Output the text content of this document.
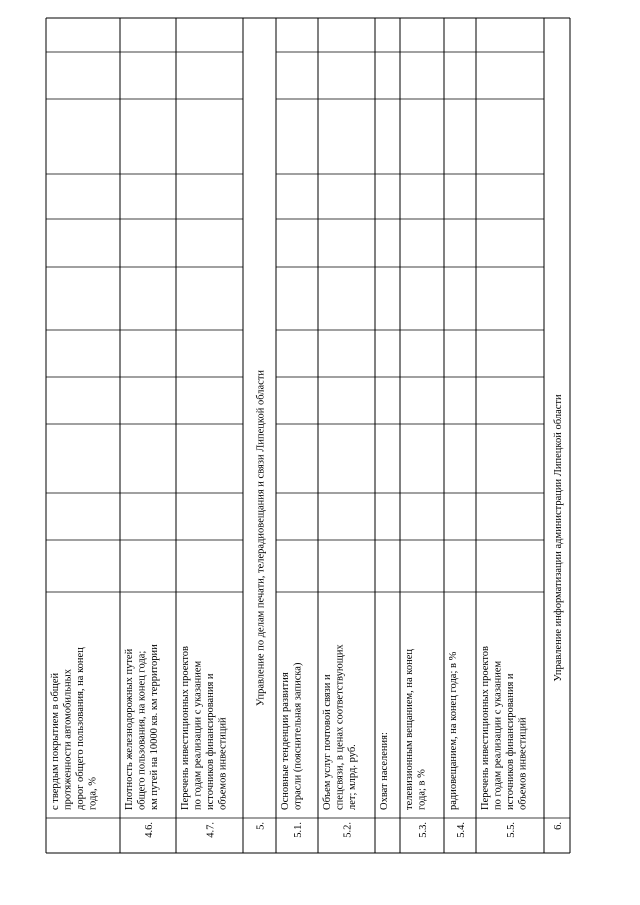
с твердым покрытием в общей протяженности автомобильных дорог общего пользования, на конец года, %
4.6.
Плотность железнодорожных путей общего пользования, на конец года; км путей на 10000 кв. км территории
4.7.
Перечень инвестиционных проектов по годам реализации с указанием источников финансирования и объемов инвестиций
5.
Управление по делам печати, телерадиовещания и связи Липецкой области
5.1.
Основные тенденции развития отрасли (пояснительная записка)
5.2.
Объем услуг почтовой связи и спецсвязи, в ценах соответствующих лет; млрд. руб. Охват населения:
5.3.
телевизионным вещанием, на конец года; в %
5.4.
радиовещанием, на конец года; в %
5.5.
Перечень инвестиционных проектов по годам реализации с указанием источников финансирования и объемов инвестиций
6.
Управление информатизации администрации Липецкой области
